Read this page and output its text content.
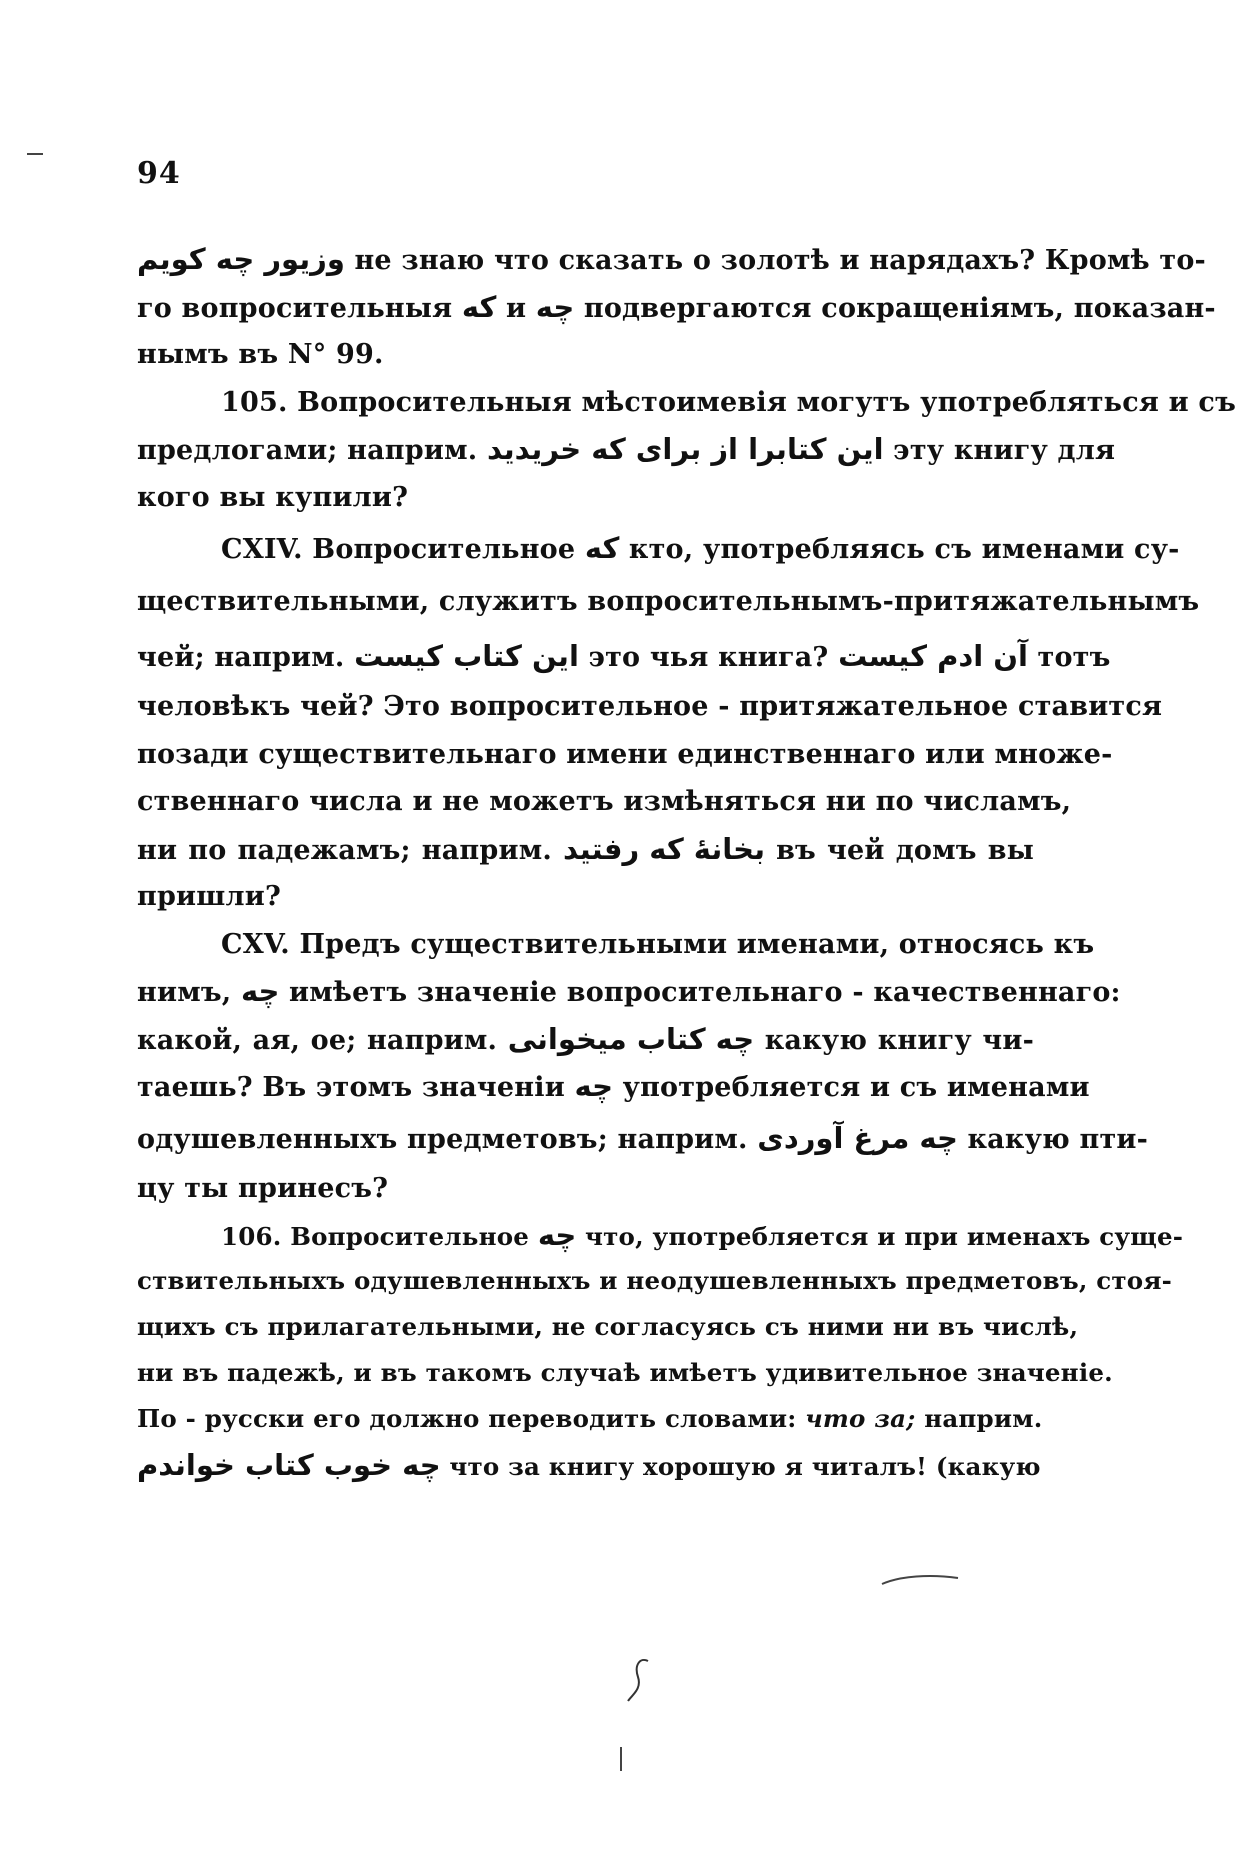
94
وزیور چه کویم не знаю что сказать о золотѣ и нарядахъ? Кромѣ то-
го вопросительныя که и چه подвергаются сокращеніямъ, показан-
нымъ въ N° 99.
105. Вопросительныя мѣстоимевія могутъ употребляться и съ
предлогами; наприм. این کتابرا از برای که خریدید эту книгу для
кого вы купили?
CXIV. Вопросительное که кто, употребляясь съ именами су-
ществительными, служитъ вопросительнымъ-притяжательнымъ
чей; наприм. این کتاب کیست это чья книга? آن ادم کیست тотъ
человѣкъ чей? Это вопросительное - притяжательное ставится
позади существительнаго имени единственнаго или множе-
ственнаго числа и не можетъ измѣняться ни по числамъ,
ни по падежамъ; наприм. بخانهٔ که رفتید въ чей домъ вы
пришли?
CXV. Предъ существительными именами, относясь къ
нимъ, چه имѣетъ значеніе вопросительнаго - качественнаго:
какой, ая, ое; наприм. چه کتاب میخوانی какую книгу чи-
таешь? Въ этомъ значеніи چه употребляется и съ именами
одушевленныхъ предметовъ; наприм. چه مرغ آوردی какую пти-
цу ты принесъ?
106. Вопросительное چه что, употребляется и при именахъ суще-
ствительныхъ одушевленныхъ и неодушевленныхъ предметовъ, стоя-
щихъ съ прилагательными, не согласуясь съ ними ни въ числѣ,
ни въ падежѣ, и въ такомъ случаѣ имѣетъ удивительное значеніе.
По - русски его должно переводить словами: что за; наприм.
چه خوب کتاب خواندم что за книгу хорошую я читалъ! (какую
